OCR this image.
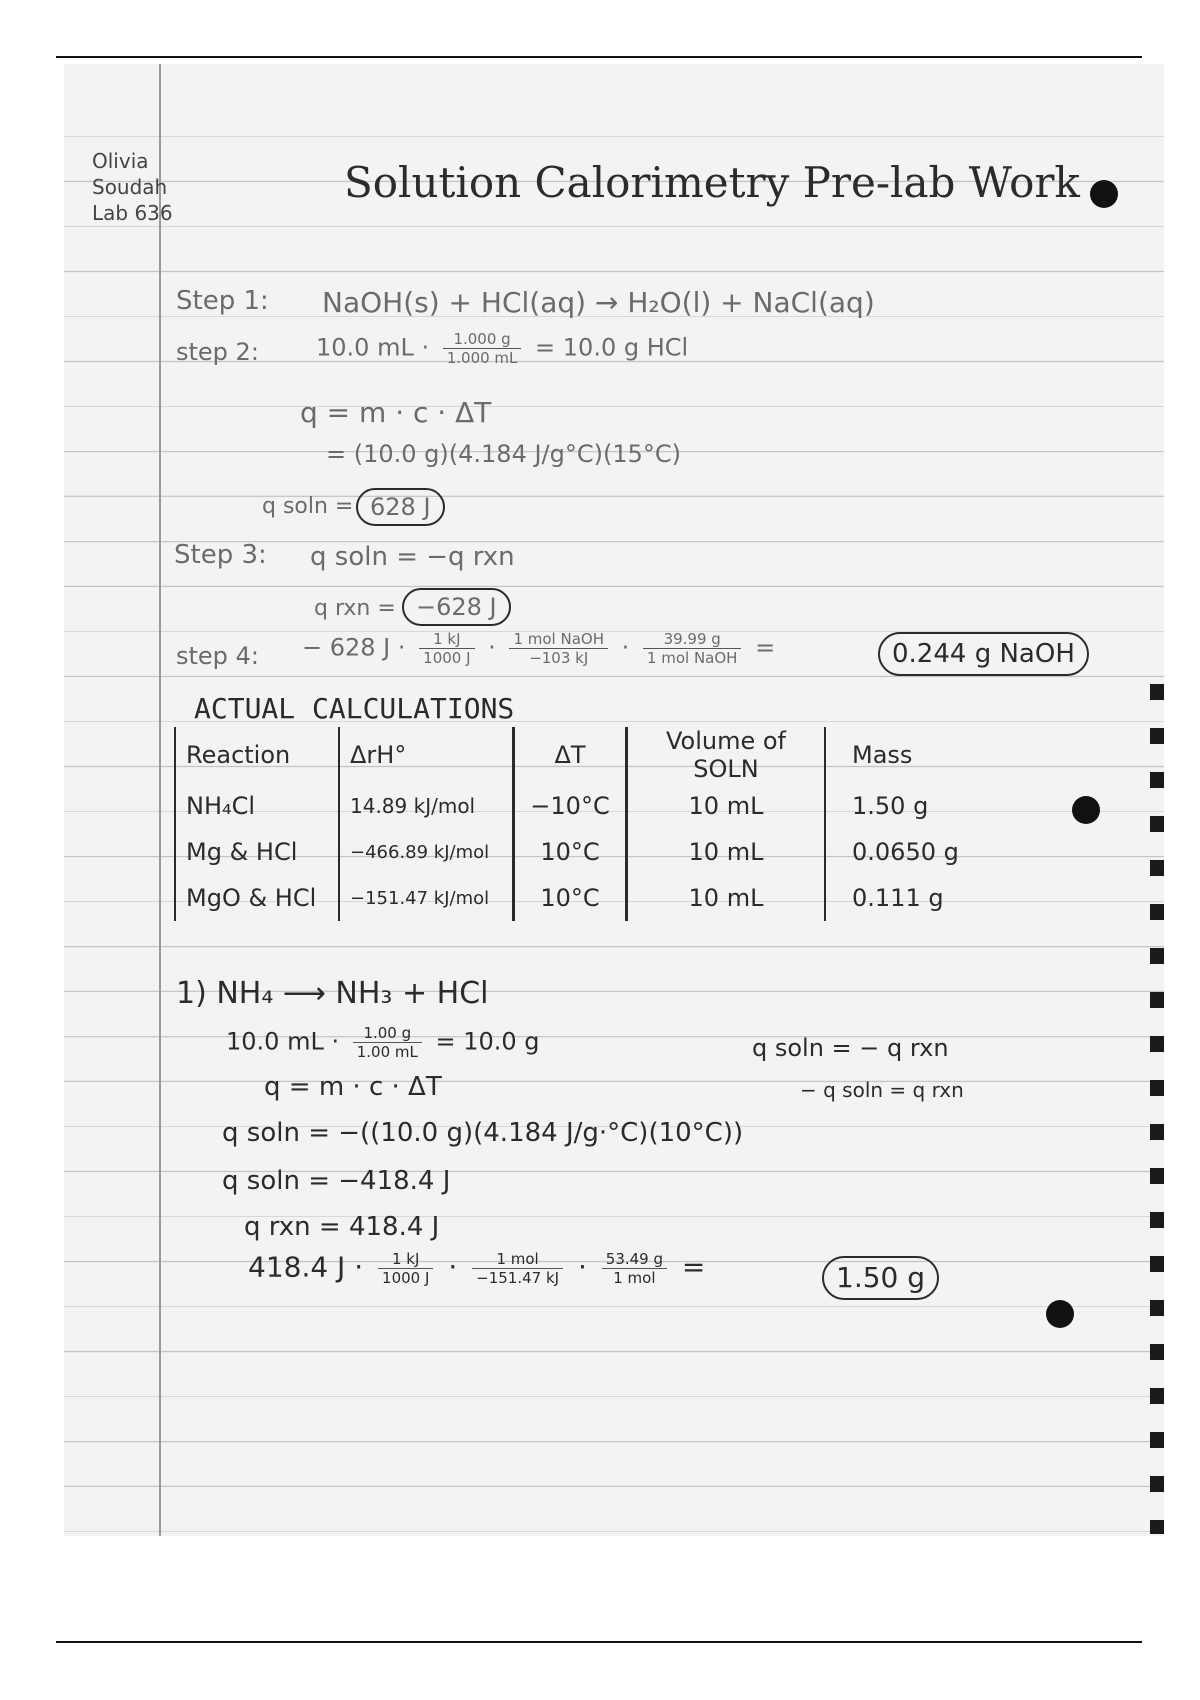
Olivia
Soudah
Lab 636
Solution Calorimetry Pre-lab Work
Step 1: NaOH(s) + HCl(aq) → H₂O(l) + NaCl(aq)
step 2: 10.0 mL · $\frac{1.000 g}{1.000 mL} = 10.0$ g HCl
q = m · c · ΔT
= (10.0 g)(4.184 J/g°C)(15°C)
q soln = 628 J
Step 3: q soln = −q rxn
q rxn = −628 J
step 4: − 628 $J \cdot \frac{1 kJ}{1000 J} \cdot \frac{\text{1 mol NaOH}}{-103 kJ} \cdot \frac{39.99 g}{\text{1 mol NaOH}}$ =	0.244 g NaOH
ACTUAL CALCULATIONS
Reaction	ΔrH°	ΔT	Volume of SOLN	Mass
NH₄Cl	14.89 kJ/mol	−10°C	10 mL	1.50 g
Mg & HCl	−466.89 kJ/mol	10°C	10 mL	0.0650 g
MgO & HCl	−151.47 kJ/mol	10°C	10 mL	0.111 g
1) NH₄ ⟶ NH₃ + HCl
10.0 mL · $\frac{1.00 g}{1.00 mL} = 10.0$ g	q soln = − q rxn
− q soln = q rxn
q = m · c · ΔT
q soln = −((10.0 g)(4.184 J/g·°C)(10°C))
q soln = −418.4 J
q rxn = 418.4 J
418.4 $J \cdot \frac{1 kJ}{1000 J} \cdot \frac{\text{1 mol}}{-151.47 kJ} \cdot \frac{53.49 g}{\text{1 mol}}$ =	1.50 g
